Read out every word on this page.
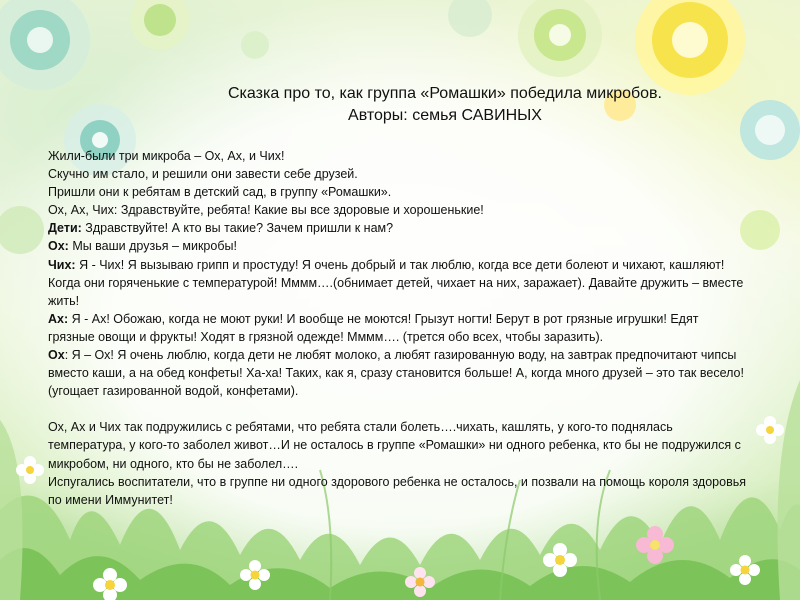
Сказка про то, как группа «Ромашки» победила микробов.
Авторы: семья САВИНЫХ

Жили-были три микроба – Ох, Ах, и Чих!

Скучно им стало, и решили они завести себе друзей.

Пришли они к ребятам в детский сад, в группу «Ромашки».

Ох, Ах, Чих: Здравствуйте, ребята! Какие вы все здоровые и хорошенькие!

Дети: Здравствуйте! А кто вы такие? Зачем пришли к нам?

Ох: Мы ваши друзья – микробы!

Чих: Я - Чих! Я вызываю грипп и простуду! Я очень добрый и так люблю, когда все дети болеют и чихают, кашляют! Когда они горяченькие с температурой! Мммм….(обнимает детей, чихает на них, заражает). Давайте дружить – вместе жить!

Ах: Я - Ах! Обожаю, когда не моют руки! И вообще не моются! Грызут ногти! Берут в рот грязные игрушки! Едят грязные овощи и фрукты! Ходят в грязной одежде! Мммм…. (трется обо всех, чтобы заразить).

Ох: Я – Ох! Я очень люблю, когда дети не любят молоко, а любят газированную воду, на завтрак предпочитают чипсы вместо каши, а на обед конфеты! Ха-ха! Таких, как я, сразу становится больше! А, когда много друзей – это так весело! (угощает газированной водой, конфетами).

Ох, Ах и Чих так подружились с ребятами, что ребята стали болеть….чихать, кашлять, у кого-то поднялась температура, у кого-то заболел живот…И не осталось в группе «Ромашки» ни одного ребенка, кто бы не подружился с микробом, ни одного, кто бы не заболел….

Испугались воспитатели, что в группе ни одного здорового ребенка не осталось, и позвали на помощь короля здоровья по имени Иммунитет!
